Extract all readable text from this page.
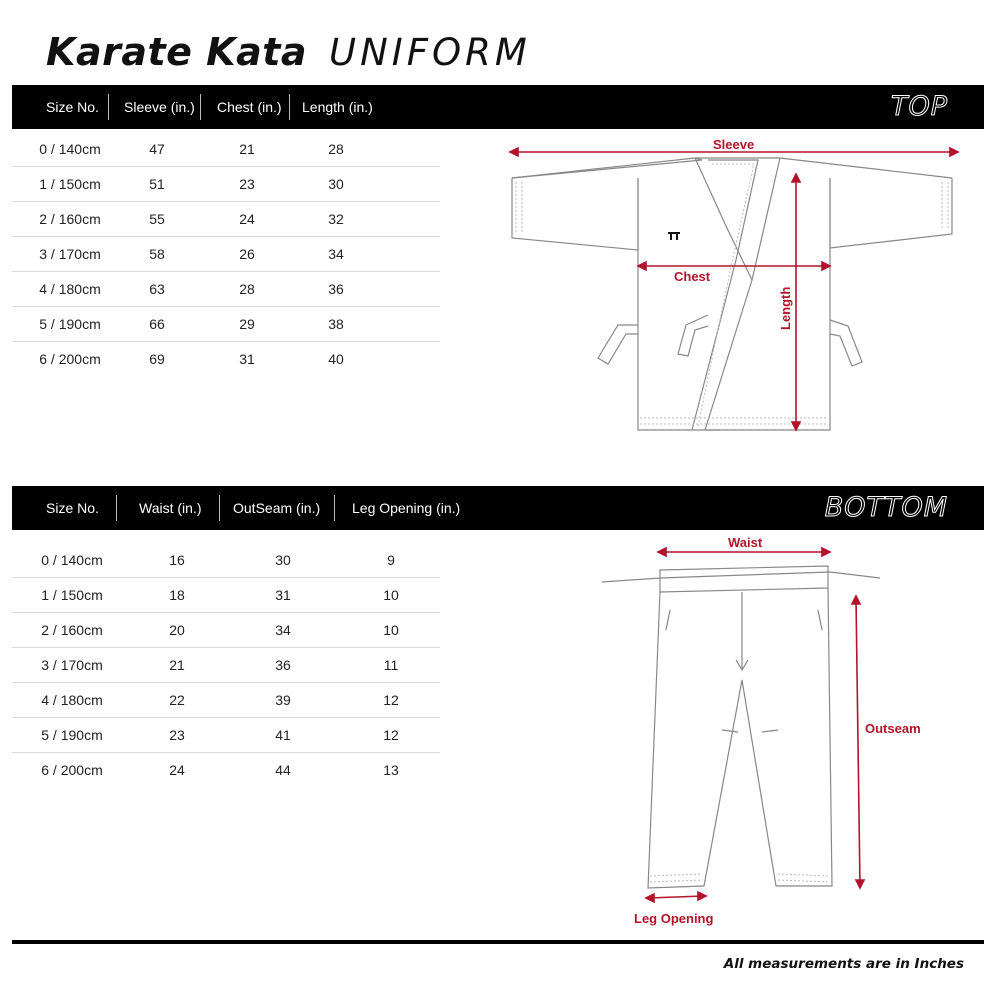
Karate Kata UNIFORM
Size No. Sleeve (in.) Chest (in.) Length (in.)	TOP
0 / 140cm	47	21	28
1 / 150cm	51	23	30
2 / 160cm	55	24	32
3 / 170cm	58	26	34
4 / 180cm	63	28	36
5 / 190cm	66	29	38
6 / 200cm	69	31	40
Sleeve
Chest
Length
Size No.	Waist (in.) OutSeam (in.) Leg Opening (in.)	BOTTOM
0 / 140cm	16	30	9
1 / 150cm	18	31	10
2 / 160cm	20	34	10
3 / 170cm	21	36	11
4 / 180cm	22	39	12
5 / 190cm	23	41	12
6 / 200cm	24	44	13
Waist
Outseam
Leg Opening
All measurements are in Inches
